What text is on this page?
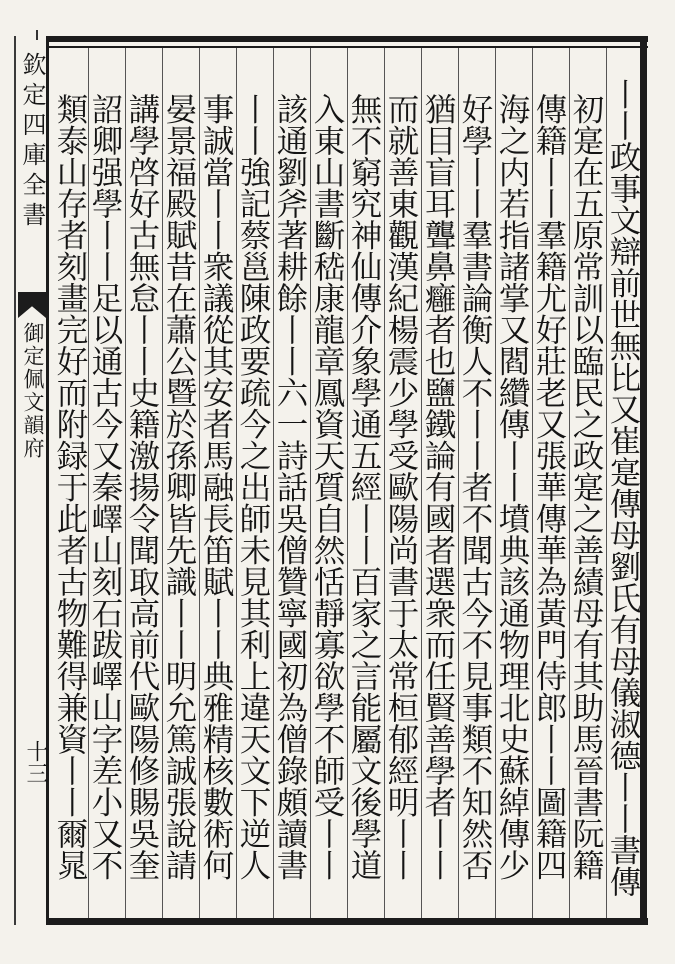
欽定四庫全書
御定佩文韻府
十三	丨丨政事文辯前世無比又崔寔傳母劉氏有母儀淑德丨丨書傳
初寔在五原常訓以臨民之政寔之善績母有其助馬晉書阮籍
傳籍丨丨羣籍尤好莊老又張華傳華為黃門侍郎丨丨圖籍四
海之内若指諸掌又閻纘傳丨丨墳典該通物理北史蘇綽傳少
好學丨丨羣書論衡人不丨丨者不聞古今不見事類不知然否
猶目盲耳聾鼻癰者也鹽鐵論有國者選衆而任賢善學者丨丨
而就善東觀漢紀楊震少學受歐陽尚書于太常桓郁經明丨丨
無不窮究神仙傳介象學通五經丨丨百家之言能屬文後學道
入東山書斷嵇康龍章鳳資天質自然恬靜寡欲學不師受丨丨
該通劉斧著耕餘丨丨六一詩話吳僧贊寧國初為僧錄頗讀書
丨丨強記蔡邕陳政要疏今之出師未見其利上違天文下逆人
事誠當丨丨衆議從其安者馬融長笛賦丨丨典雅精核數術何
晏景福殿賦昔在蕭公暨於孫卿皆先識丨丨明允篤誠張說請
講學啓好古無怠丨丨史籍激揚令聞取高前代歐陽修賜吳奎
詔卿强學丨丨足以通古今又秦嶧山刻石跋嶧山字差小又不
類泰山存者刻畫完好而附録于此者古物難得兼資丨丨爾晁
